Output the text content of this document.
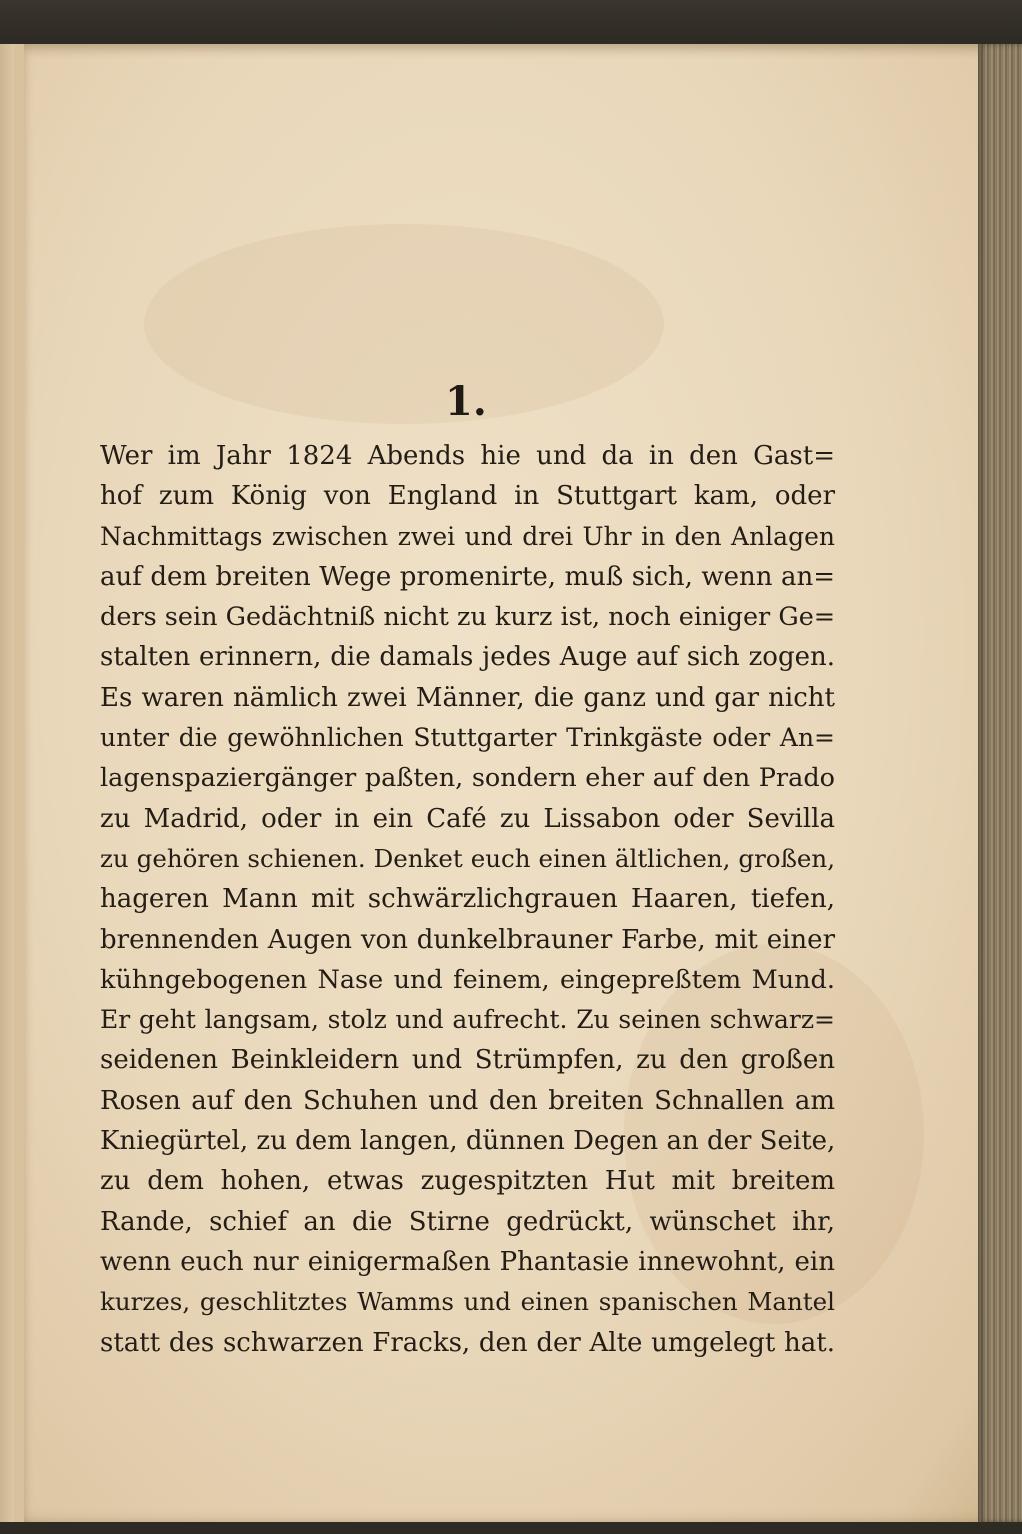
1.
Wer im Jahr 1824 Abends hie und da in den Gast=
hof zum König von England in Stuttgart kam, oder
Nachmittags zwischen zwei und drei Uhr in den Anlagen
auf dem breiten Wege promenirte, muß sich, wenn an=
ders sein Gedächtniß nicht zu kurz ist, noch einiger Ge=
stalten erinnern, die damals jedes Auge auf sich zogen.
Es waren nämlich zwei Männer, die ganz und gar nicht
unter die gewöhnlichen Stuttgarter Trinkgäste oder An=
lagenspaziergänger paßten, sondern eher auf den Prado
zu Madrid, oder in ein Café zu Lissabon oder Sevilla
zu gehören schienen. Denket euch einen ältlichen, großen,
hageren Mann mit schwärzlichgrauen Haaren, tiefen,
brennenden Augen von dunkelbrauner Farbe, mit einer
kühngebogenen Nase und feinem, eingepreßtem Mund.
Er geht langsam, stolz und aufrecht. Zu seinen schwarz=
seidenen Beinkleidern und Strümpfen, zu den großen
Rosen auf den Schuhen und den breiten Schnallen am
Kniegürtel, zu dem langen, dünnen Degen an der Seite,
zu dem hohen, etwas zugespitzten Hut mit breitem
Rande, schief an die Stirne gedrückt, wünschet ihr,
wenn euch nur einigermaßen Phantasie innewohnt, ein
kurzes, geschlitztes Wamms und einen spanischen Mantel
statt des schwarzen Fracks, den der Alte umgelegt hat.
